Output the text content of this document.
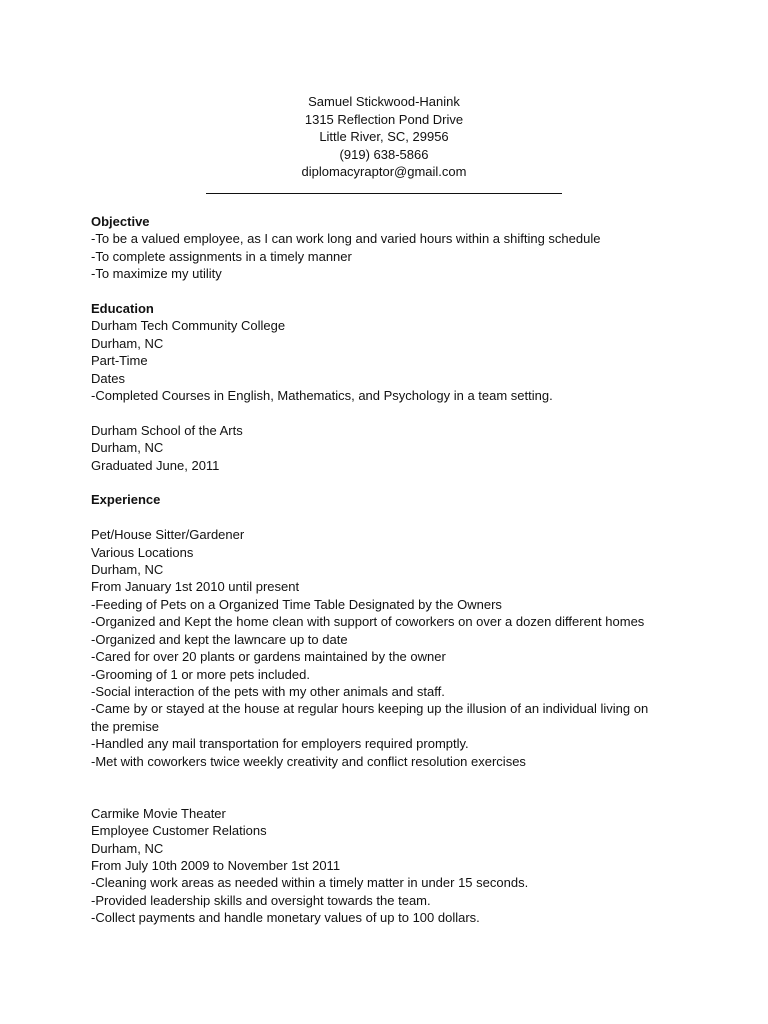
Samuel Stickwood-Hanink
1315 Reflection Pond Drive
Little River, SC, 29956
(919) 638-5866
diplomacyraptor@gmail.com
Objective
-To be a valued employee, as I can work long and varied hours within a shifting schedule
-To complete assignments in a timely manner
-To maximize my utility
Education
Durham Tech Community College
Durham, NC
Part-Time
Dates
-Completed Courses in English, Mathematics, and Psychology in a team setting.
Durham School of the Arts
Durham, NC
Graduated June, 2011
Experience
Pet/House Sitter/Gardener
Various Locations
Durham, NC
From January 1st 2010 until present
-Feeding of Pets on a Organized Time Table Designated by the Owners
-Organized and Kept the home clean with support of coworkers on over a dozen different homes
-Organized and kept the lawncare up to date
-Cared for over 20 plants or gardens maintained by the owner
-Grooming of 1 or more pets included.
-Social interaction of the pets with my other animals and staff.
-Came by or stayed at the house at regular hours keeping up the illusion of an individual living on the premise
-Handled any mail transportation for employers required promptly.
-Met with coworkers twice weekly creativity and conflict resolution exercises
Carmike Movie Theater
Employee Customer Relations
Durham, NC
From July 10th 2009 to November 1st 2011
-Cleaning work areas as needed within a timely matter in under 15 seconds.
-Provided leadership skills and oversight towards the team.
-Collect payments and handle monetary values of up to 100 dollars.
